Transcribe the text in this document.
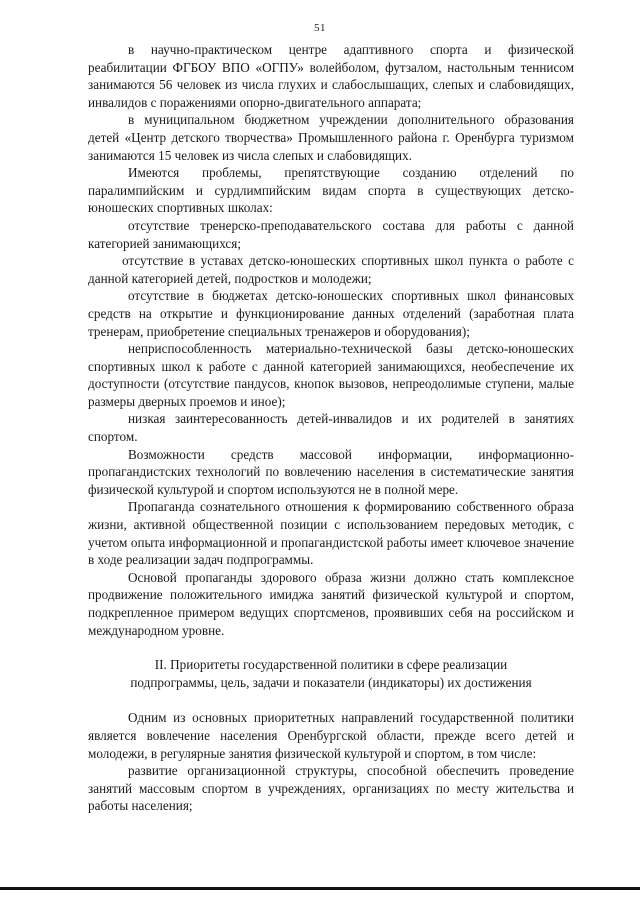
51

в научно-практическом центре адаптивного спорта и физической реабилитации ФГБОУ ВПО «ОГПУ» волейболом, футзалом, настольным теннисом занимаются 56 человек из числа глухих и слабослышащих, слепых и слабовидящих, инвалидов с поражениями опорно-двигательного аппарата;

в муниципальном бюджетном учреждении дополнительного образования детей «Центр детского творчества» Промышленного района г. Оренбурга туризмом занимаются 15 человек из числа слепых и слабовидящих.

Имеются проблемы, препятствующие созданию отделений по паралимпийским и сурдлимпийским видам спорта в существующих детско-юношеских спортивных школах:

отсутствие тренерско-преподавательского состава для работы с данной категорией занимающихся;

отсутствие в уставах детско-юношеских спортивных школ пункта о работе с данной категорией детей, подростков и молодежи;

отсутствие в бюджетах детско-юношеских спортивных школ финансовых средств на открытие и функционирование данных отделений (заработная плата тренерам, приобретение специальных тренажеров и оборудования);

неприспособленность материально-технической базы детско-юношеских спортивных школ к работе с данной категорией занимающихся, необеспечение их доступности (отсутствие пандусов, кнопок вызовов, непреодолимые ступени, малые размеры дверных проемов и иное);

низкая заинтересованность детей-инвалидов и их родителей в занятиях спортом.

Возможности средств массовой информации, информационно-пропагандистских технологий по вовлечению населения в систематические занятия физической культурой и спортом используются не в полной мере.

Пропаганда сознательного отношения к формированию собственного образа жизни, активной общественной позиции с использованием передовых методик, с учетом опыта информационной и пропагандистской работы имеет ключевое значение в ходе реализации задач подпрограммы.

Основой пропаганды здорового образа жизни должно стать комплексное продвижение положительного имиджа занятий физической культурой и спортом, подкрепленное примером ведущих спортсменов, проявивших себя на российском и международном уровне.

II. Приоритеты государственной политики в сфере реализации
подпрограммы, цель, задачи и показатели (индикаторы) их достижения

Одним из основных приоритетных направлений государственной политики является вовлечение населения Оренбургской области, прежде всего детей и молодежи, в регулярные занятия физической культурой и спортом, в том числе:

развитие организационной структуры, способной обеспечить проведение занятий массовым спортом в учреждениях, организациях по месту жительства и работы населения;
